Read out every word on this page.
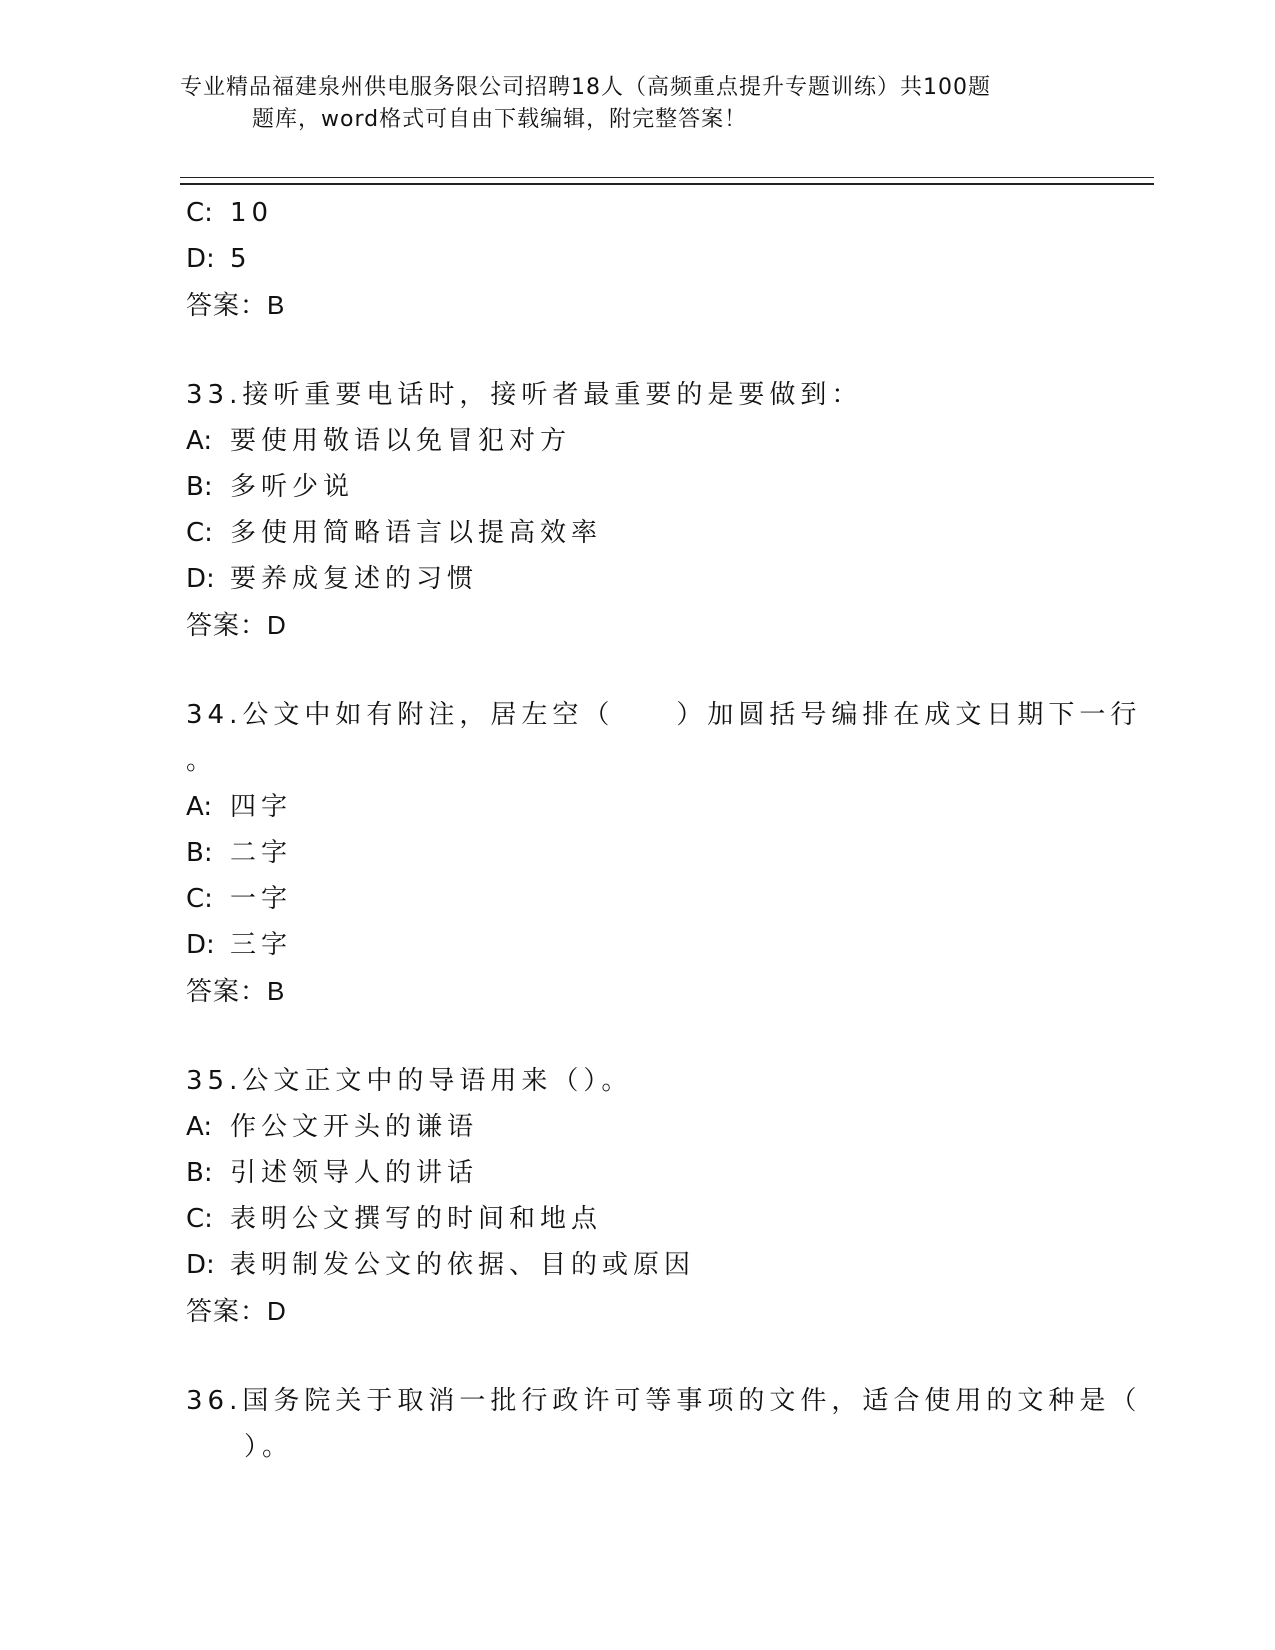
专业精品福建泉州供电服务限公司招聘18人（高频重点提升专题训练）共100题
题库，word格式可自由下载编辑，附完整答案！
C: 10
D: 5
答案：B
33.接听重要电话时，接听者最重要的是要做到：
A: 要使用敬语以免冒犯对方
B: 多听少说
C: 多使用简略语言以提高效率
D: 要养成复述的习惯
答案：D
34.公文中如有附注，居左空（　　）加圆括号编排在成文日期下一行
。
A: 四字
B: 二字
C: 一字
D: 三字
答案：B
35.公文正文中的导语用来（）。
A: 作公文开头的谦语
B: 引述领导人的讲话
C: 表明公文撰写的时间和地点
D: 表明制发公文的依据、目的或原因
答案：D
36.国务院关于取消一批行政许可等事项的文件，适合使用的文种是（
）。
